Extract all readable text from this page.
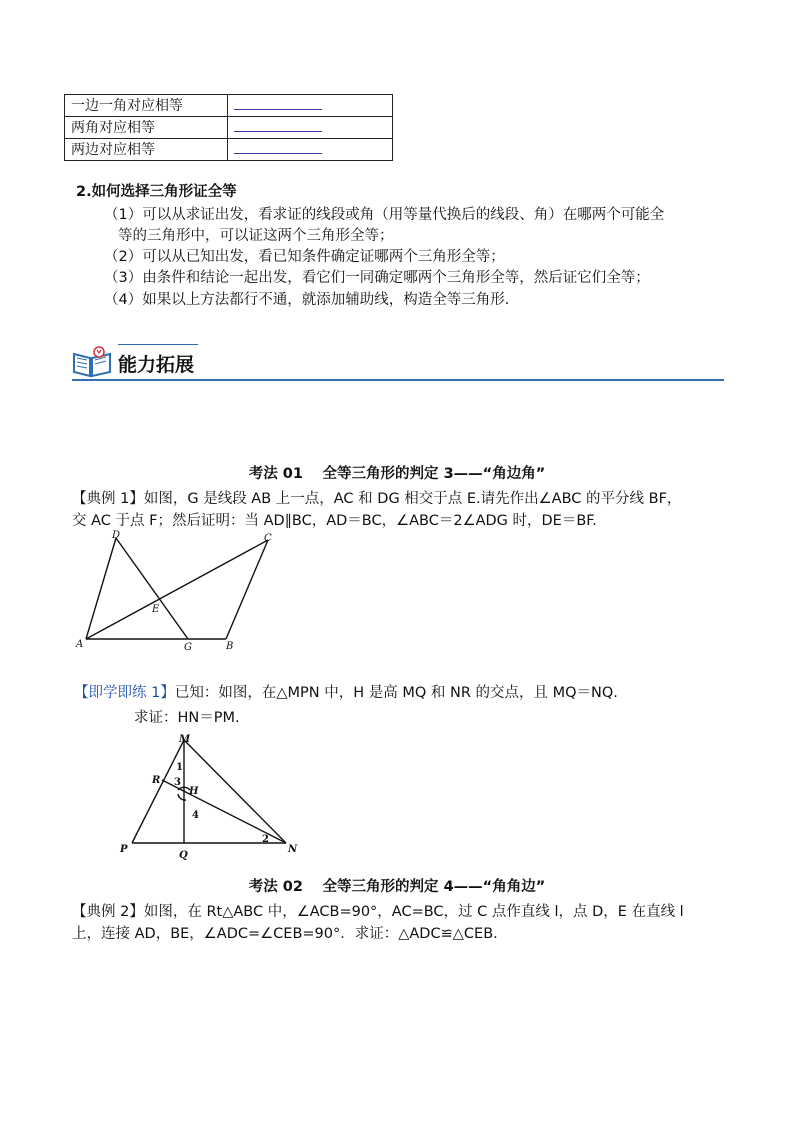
一边一角对应相等	
两角对应相等	
两边对应相等	
2.如何选择三角形证全等
（1）可以从求证出发，看求证的线段或角（用等量代换后的线段、角）在哪两个可能全
等的三角形中，可以证这两个三角形全等；
（2）可以从已知出发，看已知条件确定证哪两个三角形全等；
（3）由条件和结论一起出发，看它们一同确定哪两个三角形全等，然后证它们全等；
（4）如果以上方法都行不通，就添加辅助线，构造全等三角形.
能力拓展
考法 01　 全等三角形的判定 3——“角边角”
【典例 1】如图，G 是线段 AB 上一点，AC 和 DG 相交于点 E.请先作出∠ABC 的平分线 BF，
交 AC 于点 F；然后证明：当 AD∥BC，AD＝BC，∠ABC＝2∠ADG 时，DE＝BF.
D	C
E
A	G	B
【即学即练 1】已知：如图，在△MPN 中，H 是高 MQ 和 NR 的交点，且 MQ＝NQ.
求证：HN＝PM.
M
R
H
P
Q
N
1
2
3
4
考法 02　 全等三角形的判定 4——“角角边”
【典例 2】如图，在 Rt△ABC 中，∠ACB=90°，AC=BC，过 C 点作直线 l，点 D，E 在直线 l
上，连接 AD，BE，∠ADC=∠CEB=90°．求证：△ADC≌△CEB.
